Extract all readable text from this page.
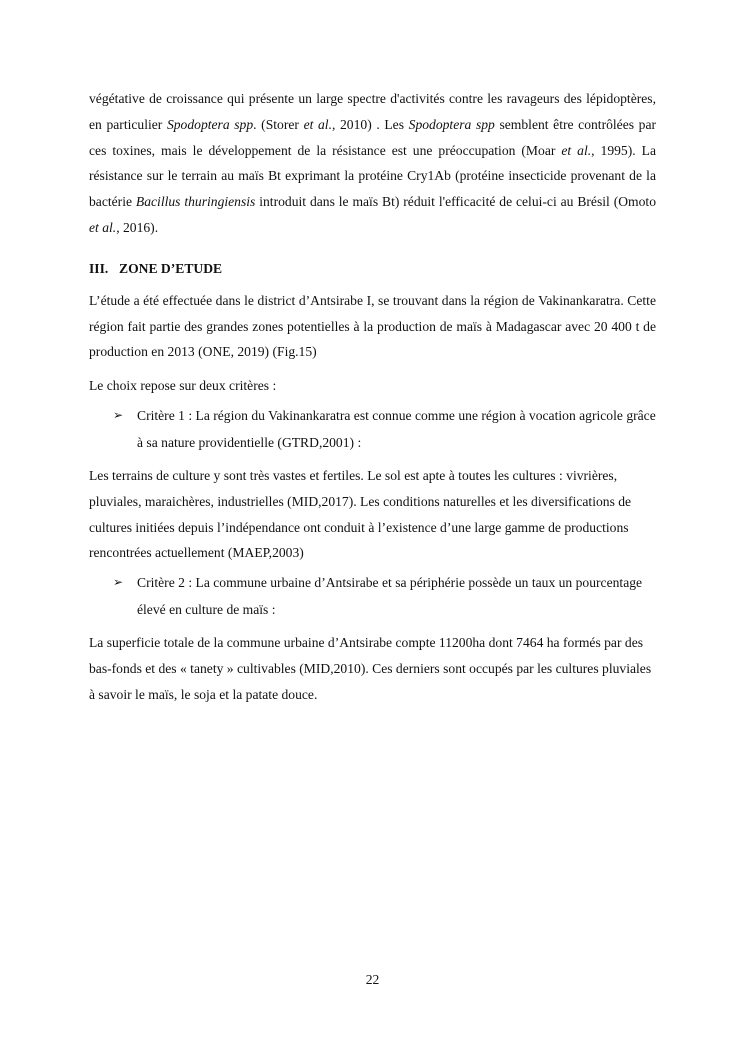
végétative de croissance qui présente un large spectre d'activités contre les ravageurs des lépidoptères, en particulier Spodoptera spp. (Storer et al., 2010) . Les Spodoptera spp semblent être contrôlées par ces toxines, mais le développement de la résistance est une préoccupation (Moar et al., 1995). La résistance sur le terrain au maïs Bt exprimant la protéine Cry1Ab (protéine insecticide provenant de la bactérie Bacillus thuringiensis introduit dans le maïs Bt) réduit l'efficacité de celui-ci au Brésil (Omoto et al., 2016).

III. ZONE D’ETUDE

L’étude a été effectuée dans le district d’Antsirabe I, se trouvant dans la région de Vakinankaratra. Cette région fait partie des grandes zones potentielles à la production de maïs à Madagascar avec 20 400 t de production en 2013 (ONE, 2019) (Fig.15)

Le choix repose sur deux critères :

➢ Critère 1 : La région du Vakinankaratra est connue comme une région à vocation agricole grâce à sa nature providentielle (GTRD,2001) :

Les terrains de culture y sont très vastes et fertiles. Le sol est apte à toutes les cultures : vivrières, pluviales, maraichères, industrielles (MID,2017). Les conditions naturelles et les diversifications de cultures initiées depuis l’indépendance ont conduit à l’existence d’une large gamme de productions rencontrées actuellement (MAEP,2003)

➢ Critère 2 : La commune urbaine d’Antsirabe et sa périphérie possède un taux un pourcentage élevé en culture de maïs :

La superficie totale de la commune urbaine d’Antsirabe compte 11200ha dont 7464 ha formés par des bas-fonds et des « tanety » cultivables (MID,2010). Ces derniers sont occupés par les cultures pluviales à savoir le maïs, le soja et la patate douce.

22
